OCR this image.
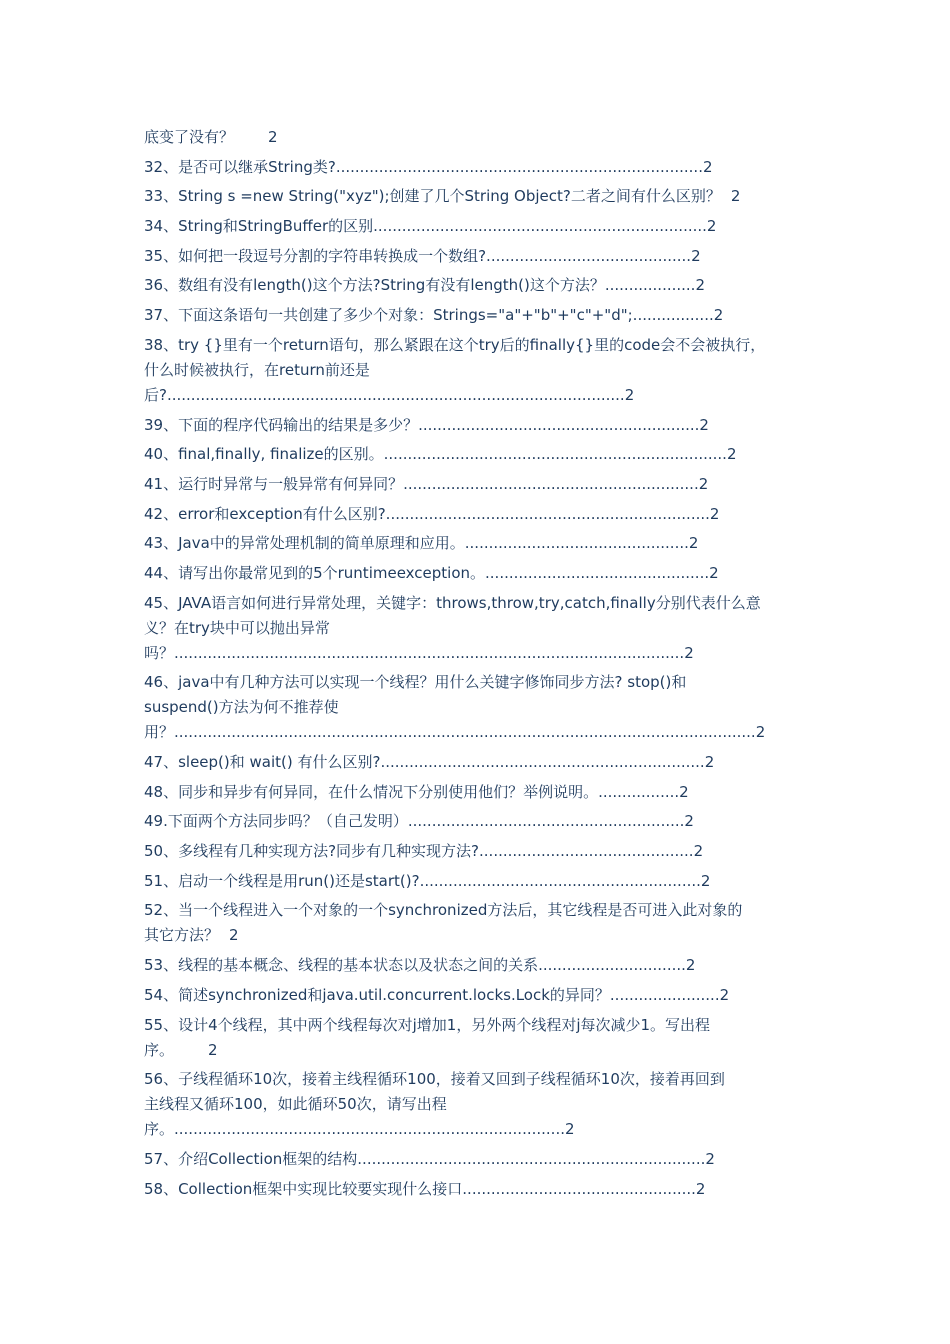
底变了没有？ 2
32、是否可以继承String类?.............................................................................2
33、String s =new String("xyz");创建了几个String Object?二者之间有什么区别？ 2
34、String和StringBuffer的区别......................................................................2
35、如何把一段逗号分割的字符串转换成一个数组?...........................................2
36、数组有没有length()这个方法?String有没有length()这个方法？...................2
37、下面这条语句一共创建了多少个对象：Strings="a"+"b"+"c"+"d";.................2
38、try {}里有一个return语句，那么紧跟在这个try后的finally{}里的code会不会被执行，
什么时候被执行，在return前还是
后?................................................................................................2
39、下面的程序代码输出的结果是多少？...........................................................2
40、final,finally, finalize的区别。........................................................................2
41、运行时异常与一般异常有何异同？..............................................................2
42、error和exception有什么区别?....................................................................2
43、Java中的异常处理机制的简单原理和应用。...............................................2
44、请写出你最常见到的5个runtimeexception。...............................................2
45、JAVA语言如何进行异常处理，关键字：throws,throw,try,catch,finally分别代表什么意
义？在try块中可以抛出异常
吗？...........................................................................................................2
46、java中有几种方法可以实现一个线程？用什么关键字修饰同步方法? stop()和
suspend()方法为何不推荐使
用？..........................................................................................................................2
47、sleep()和 wait() 有什么区别?....................................................................2
48、同步和异步有何异同，在什么情况下分别使用他们？举例说明。.................2
49.下面两个方法同步吗？（自己发明）..........................................................2
50、多线程有几种实现方法?同步有几种实现方法?.............................................2
51、启动一个线程是用run()还是start()?...........................................................2
52、当一个线程进入一个对象的一个synchronized方法后，其它线程是否可进入此对象的
其它方法？ 2
53、线程的基本概念、线程的基本状态以及状态之间的关系...............................2
54、简述synchronized和java.util.concurrent.locks.Lock的异同？.......................2
55、设计4个线程，其中两个线程每次对j增加1，另外两个线程对j每次减少1。写出程
序。 2
56、子线程循环10次，接着主线程循环100，接着又回到子线程循环10次，接着再回到
主线程又循环100，如此循环50次，请写出程
序。..................................................................................2
57、介绍Collection框架的结构.........................................................................2
58、Collection框架中实现比较要实现什么接口.................................................2
